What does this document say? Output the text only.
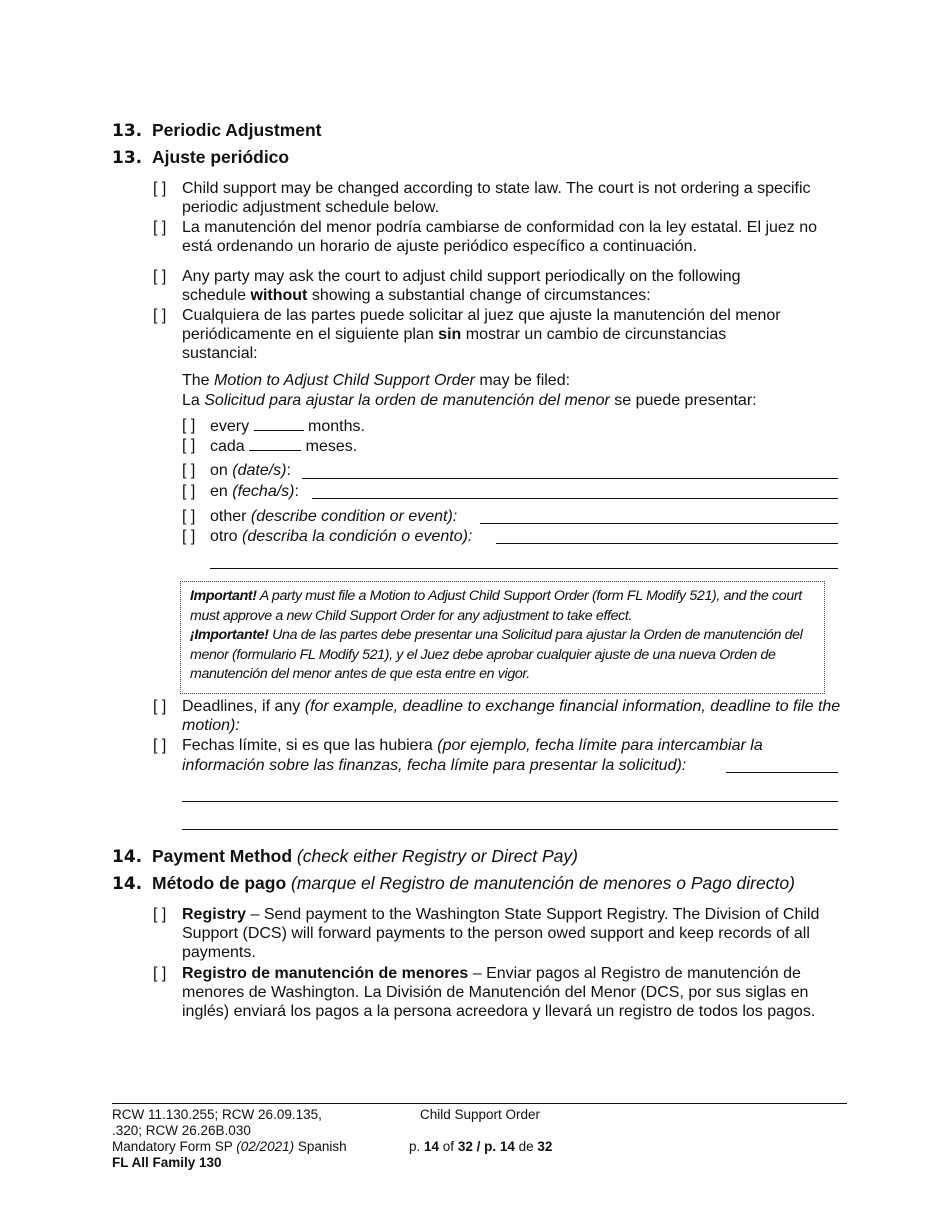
13. Periodic Adjustment
13. Ajuste periódico
[ ] Child support may be changed according to state law. The court is not ordering a specific periodic adjustment schedule below.
[ ] La manutención del menor podría cambiarse de conformidad con la ley estatal. El juez no está ordenando un horario de ajuste periódico específico a continuación.
[ ] Any party may ask the court to adjust child support periodically on the following
schedule without showing a substantial change of circumstances:
[ ] Cualquiera de las partes puede solicitar al juez que ajuste la manutención del menor
periódicamente en el siguiente plan sin mostrar un cambio de circunstancias
sustancial:
The Motion to Adjust Child Support Order may be filed:
La Solicitud para ajustar la orden de manutención del menor se puede presentar:
[ ] every	months.
[ ] cada	meses.
[ ] on (date/s):
[ ] en (fecha/s):
[ ] other (describe condition or event):
[ ] otro (describa la condición o evento):
Important! A party must file a Motion to Adjust Child Support Order (form FL Modify 521), and the court must approve a new Child Support Order for any adjustment to take effect.
¡Importante! Una de las partes debe presentar una Solicitud para ajustar la Orden de manutención del menor (formulario FL Modify 521), y el Juez debe aprobar cualquier ajuste de una nueva Orden de manutención del menor antes de que esta entre en vigor.
[ ] Deadlines, if any (for example, deadline to exchange financial information, deadline to file the motion):
[ ] Fechas límite, si es que las hubiera (por ejemplo, fecha límite para intercambiar la
información sobre las finanzas, fecha límite para presentar la solicitud):
14. Payment Method (check either Registry or Direct Pay)
14. Método de pago (marque el Registro de manutención de menores o Pago directo)
[ ] Registry – Send payment to the Washington State Support Registry. The Division of Child Support (DCS) will forward payments to the person owed support and keep records of all payments.
[ ] Registro de manutención de menores – Enviar pagos al Registro de manutención de menores de Washington. La División de Manutención del Menor (DCS, por sus siglas en inglés) enviará los pagos a la persona acreedora y llevará un registro de todos los pagos.
RCW 11.130.255; RCW 26.09.135,
.320; RCW 26.26B.030
Mandatory Form SP (02/2021) Spanish
FL All Family 130
Child Support Order
p. 14 of 32 / p. 14 de 32
